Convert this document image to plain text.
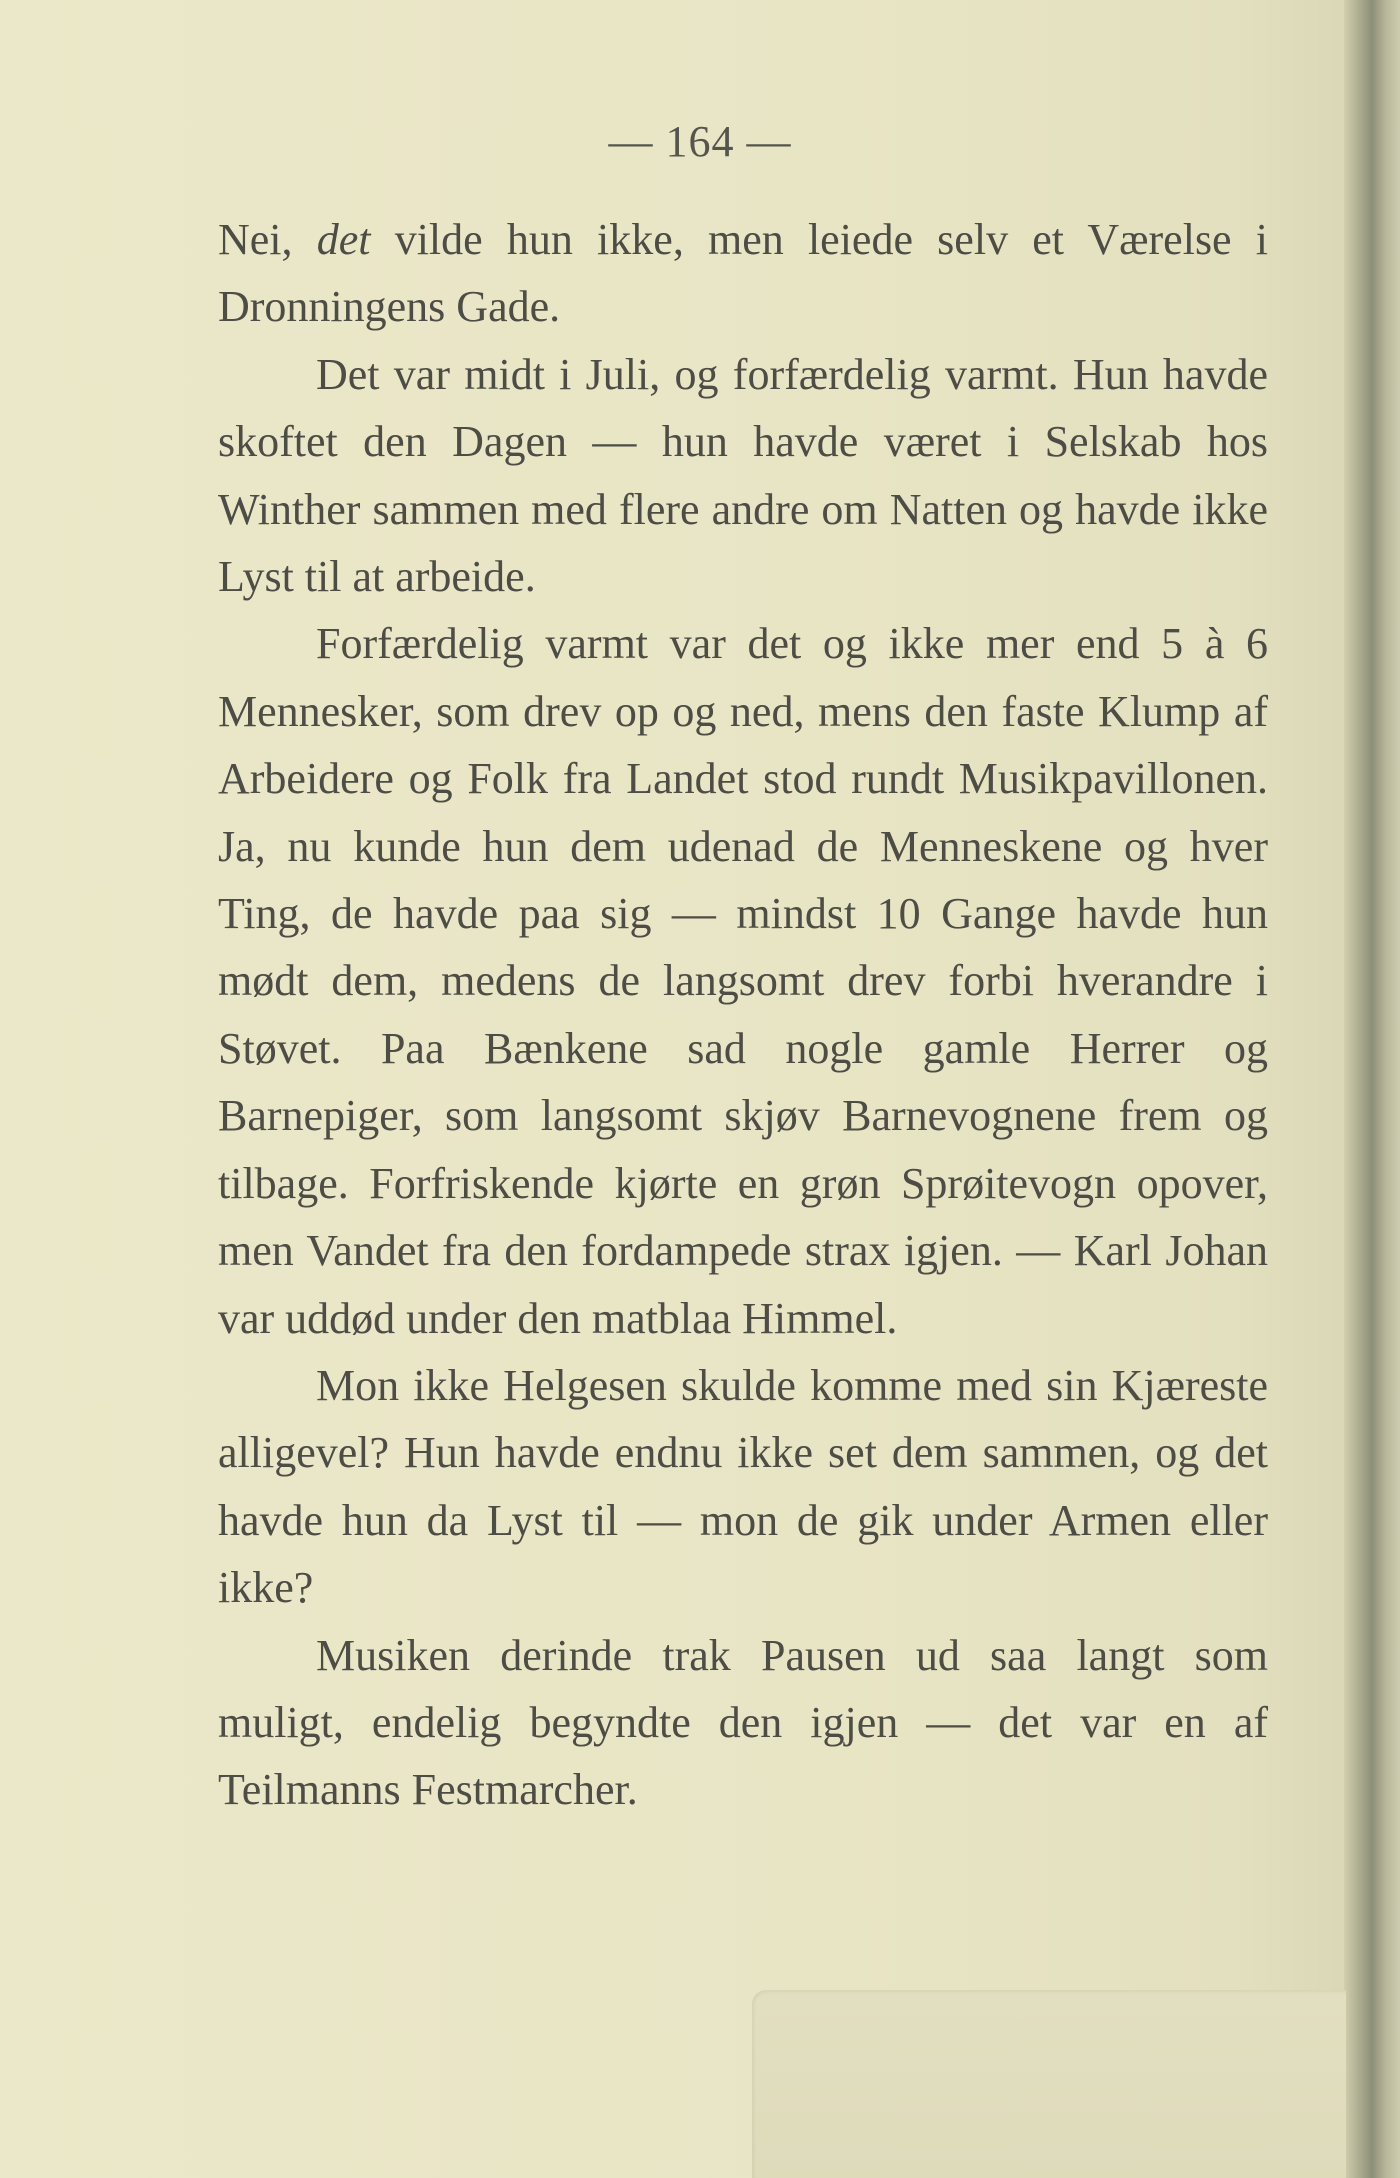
— 164 —

Nei, det vilde hun ikke, men leiede selv et Værelse i Dronningens Gade.

Det var midt i Juli, og forfærdelig varmt. Hun havde skoftet den Dagen — hun havde været i Selskab hos Winther sammen med flere andre om Natten og havde ikke Lyst til at arbeide.

Forfærdelig varmt var det og ikke mer end 5 à 6 Mennesker, som drev op og ned, mens den faste Klump af Arbeidere og Folk fra Landet stod rundt Musikpavillonen. Ja, nu kunde hun dem udenad de Menneskene og hver Ting, de havde paa sig — mindst 10 Gange havde hun mødt dem, medens de langsomt drev forbi hverandre i Støvet. Paa Bænkene sad nogle gamle Herrer og Barnepiger, som langsomt skjøv Barnevognene frem og tilbage. Forfriskende kjørte en grøn Sprøitevogn opover, men Vandet fra den fordampede strax igjen. — Karl Johan var uddød under den matblaa Himmel.

Mon ikke Helgesen skulde komme med sin Kjæreste alligevel? Hun havde endnu ikke set dem sammen, og det havde hun da Lyst til — mon de gik under Armen eller ikke?

Musiken derinde trak Pausen ud saa langt som muligt, endelig begyndte den igjen — det var en af Teilmanns Festmarcher.
